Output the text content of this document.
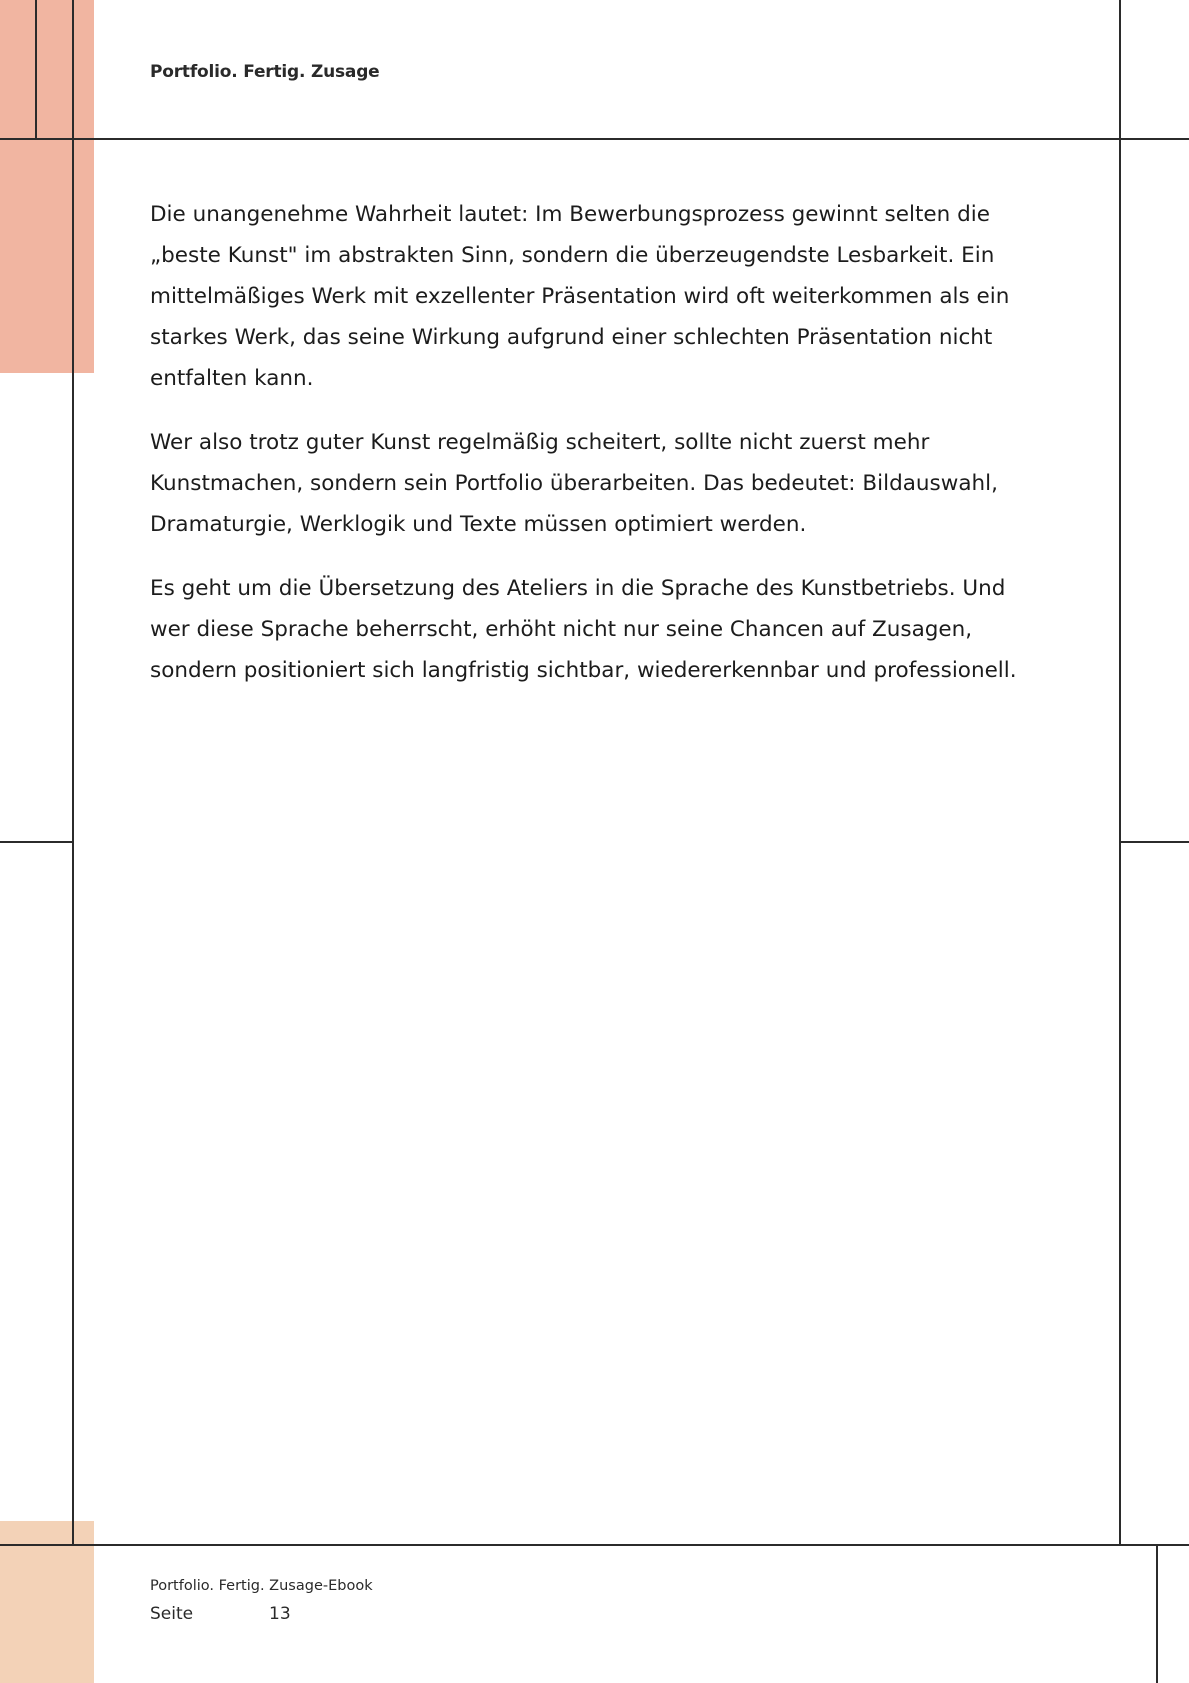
Portfolio. Fertig. Zusage

Die unangenehme Wahrheit lautet: Im Bewerbungsprozess gewinnt selten die „beste Kunst" im abstrakten Sinn, sondern die überzeugendste Lesbarkeit. Ein mittelmäßiges Werk mit exzellenter Präsentation wird oft weiterkommen als ein starkes Werk, das seine Wirkung aufgrund einer schlechten Präsentation nicht entfalten kann.

Wer also trotz guter Kunst regelmäßig scheitert, sollte nicht zuerst mehr Kunstmachen, sondern sein Portfolio überarbeiten. Das bedeutet: Bildauswahl, Dramaturgie, Werklogik und Texte müssen optimiert werden.

Es geht um die Übersetzung des Ateliers in die Sprache des Kunstbetriebs. Und wer diese Sprache beherrscht, erhöht nicht nur seine Chancen auf Zusagen, sondern positioniert sich langfristig sichtbar, wiedererkennbar und professionell.

Portfolio. Fertig. Zusage-Ebook
Seite	13
